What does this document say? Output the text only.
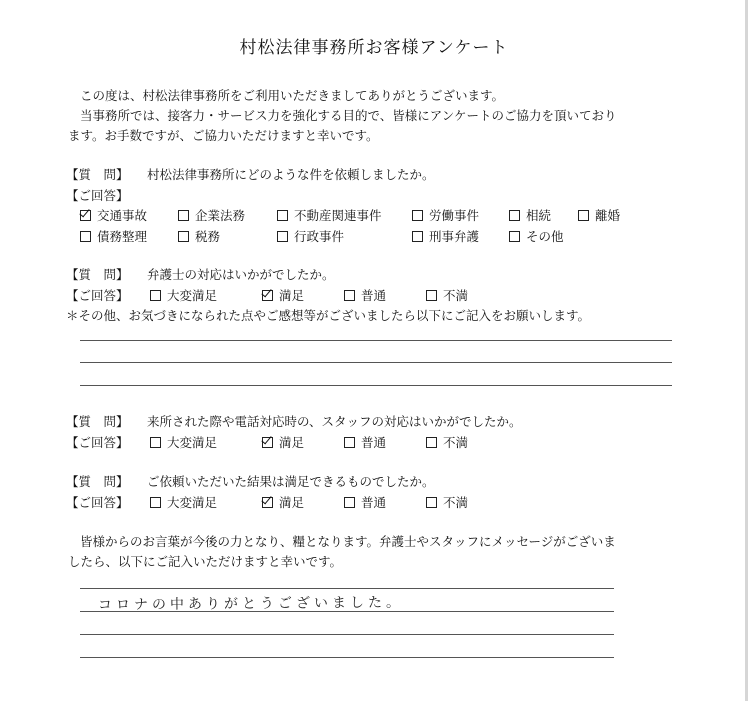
村松法律事務所お客様アンケート
この度は、村松法律事務所をご利用いただきましてありがとうございます。
当事務所では、接客力・サービス力を強化する目的で、皆様にアンケートのご協力を頂いており
ます。お手数ですが、ご協力いただけますと幸いです。
【質　問】 村松法律事務所にどのような件を依頼しましたか。
【ご回答】
交通事故	企業法務	不動産関連事件	労働事件	相続	離婚
債務整理	税務	行政事件	刑事弁護	その他
【質　問】 弁護士の対応はいかがでしたか。
【ご回答】	大変満足	満足	普通	不満
＊その他、お気づきになられた点やご感想等がございましたら以下にご記入をお願いします。
【質　問】 来所された際や電話対応時の、スタッフの対応はいかがでしたか。
【ご回答】	大変満足	満足	普通	不満
【質　問】 ご依頼いただいた結果は満足できるものでしたか。
【ご回答】	大変満足	満足	普通	不満
皆様からのお言葉が今後の力となり、糧となります。弁護士やスタッフにメッセージがございま
したら、以下にご記入いただけますと幸いです。
コロナの中ありがとうございました。
